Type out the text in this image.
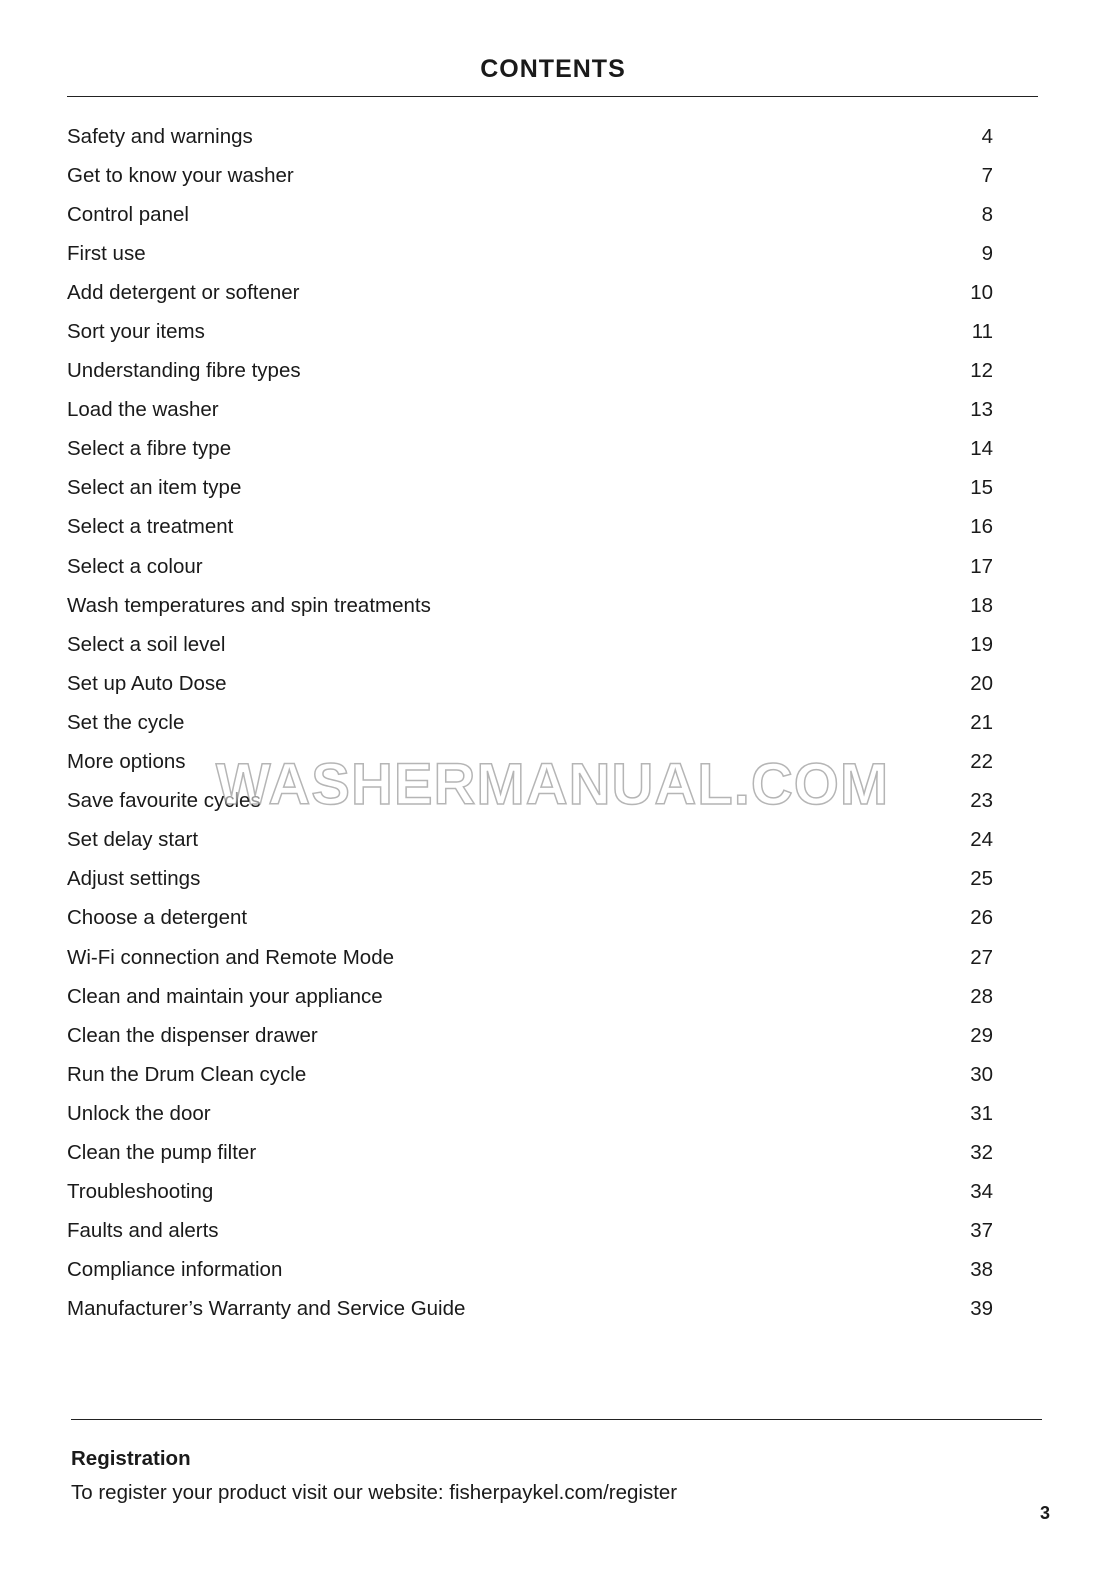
CONTENTS
Safety and warnings	4
Get to know your washer	7
Control panel	8
First use	9
Add detergent or softener	10
Sort your items	11
Understanding fibre types	12
Load the washer	13
Select a fibre type	14
Select an item type	15
Select a treatment	16
Select a colour	17
Wash temperatures and spin treatments	18
Select a soil level	19
Set up Auto Dose	20
Set the cycle	21
More options	22
Save favourite cycles	23
Set delay start	24
Adjust settings	25
Choose a detergent	26
Wi-Fi connection and Remote Mode	27
Clean and maintain your appliance	28
Clean the dispenser drawer	29
Run the Drum Clean cycle	30
Unlock the door	31
Clean the pump filter	32
Troubleshooting	34
Faults and alerts	37
Compliance information	38
Manufacturer’s Warranty and Service Guide	39
WASHERMANUAL.COM
Registration
To register your product visit our website: fisherpaykel.com/register
3
